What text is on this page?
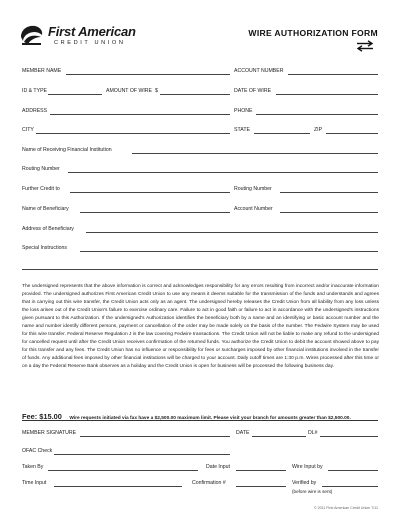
First American
CREDIT UNION
WIRE AUTHORIZATION FORM
MEMBER NAME	ACCOUNT NUMBER
ID & TYPE	AMOUNT OF WIRE $	DATE OF WIRE
ADDRESS	PHONE
CITY	STATE	ZIP
Name of Receiving Financial Institution
Routing Number
Further Credit to	Routing Number
Name of Beneficiary	Account Number
Address of Beneficiary
Special Instructions
The undersigned represents that the above information is correct and acknowledges responsibility for any errors resulting from incorrect and/or inaccurate information provided. The undersigned authorizes First American Credit Union to use any means it deems suitable for the transmission of the funds and understands and agrees that in carrying out this wire transfer, the Credit Union acts only as an agent. The undersigned hereby releases the Credit Union from all liability from any loss unless the loss arises out of the Credit Union's failure to exercise ordinary care. Failure to act in good faith or failure to act in accordance with the undersigned's instructions given pursuant to this Authorization. If the undersigned's Authorization identifies the beneficiary both by a name and an identifying or basic account number and the name and number identify different persons, payment or cancellation of the order may be made solely on the basis of the number. The Fedwire System may be used for this wire transfer. Federal Reserve Regulation J is the law covering Fedwire transactions. The Credit Union will not be liable to make any refund to the undersigned for cancelled request until after the Credit Union receives confirmation of the returned funds. You authorize the Credit Union to debit the account showed above to pay for this transfer and any fees. The Credit Union has no influence or responsibility for fees or surcharges imposed by other financial institutions involved in the transfer of funds. Any additional fees imposed by other financial institutions will be charged to your account. Daily cutoff times are 1:30 p.m. Wires processed after this time or on a day the Federal Reserve Bank observes as a holiday and the Credit Union is open for business will be processed the following business day.
Fee: $15.00 Wire requests initiated via fax have a $2,500.00 maximum limit. Please visit your branch for amounts greater than $2,500.00.
MEMBER SIGNATURE	DATE	DL#
OFAC Check
Taken By	Date Input	Wire Input by
Time Input	Confirmation #	Verified by
(before wire is sent)
© 2011 First American Credit Union 7/11
